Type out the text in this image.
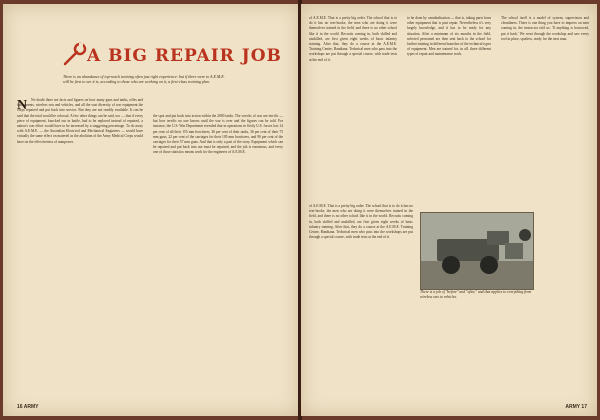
A BIG REPAIR JOB
There is an abundance of top-notch training often just right experience: but if there were to A.E.M.E. will be first to see it is, according to those who are working on it, a first-class training plan.
N	No doubt there are facts and figures on how many guns and tanks, rifles and instruments, wireless sets and vehicles, and all the vast diversity of war equipment the corps repaired and put back into service. But they are not readily available. It can be said that the total would be colossal. A few other things can be said, too — that if every piece of equipment, knocked out in battle, had to be replaced instead of repaired, a nation's war effort would have to be increased by a staggering percentage. To do away with A.E.M.E. — the Australian Electrical and Mechanical Engineers — would have virtually the same effect on materiel as the abolition of the Army Medical Corps would have on the effectiveness of manpower.
the spot and put back into action within the 2000 tanks. The wrecks of war are terrific — but how terrific no one knows until the war is over and the figures can be told. For instance, the U.S. War Department revealed that in operations in Sicily U.S. forces lost 14 per cent of all their 155 mm howitzers, 36 per cent of their tanks, 36 per cent of their 75 mm guns, 22 per cent of the carriages for their 105 mm howitzers, and 90 per cent of the carriages for their 57 mm guns. And that is only a part of the story. Equipment which can be repaired and put back into use must be repaired; and the job is enormous, and every one of those statistics means work for the engineers of A.E.M.E.
16 ARMY
of A.E.M.E. That is a pretty big order. The school that is to do it has no text-books; the men who are doing it were themselves trained in the field, and there is no other school like it in the world. Recruits coming in, both skilled and unskilled, are first given eight weeks of basic infantry training. After that, they do a course at the A.E.M.E. Training Centre, Bandiana. Technical men who pass into the workshops are put through a special course, with trade tests at the end of it.
to be done by cannibalisation — that is, taking parts from other equipment that is past repair. Nevertheless it's very largely knowledge, and it has to be ready for any situation. After a minimum of six months in the field, selected personnel are then sent back to the school for further training in different branches of the technical types of equipment. Men are trained for, in all, three different types of repair and maintenance work.
The school itself is a model of system, supervision and cleanliness. There is one thing you have to impress on men coming in, the instructor told us: 'If anything is borrowed, put it back.' We went through the workshop and saw every tool in place, spotless, ready for the next man.
of A.E.M.E. That is a pretty big order. The school that is to do it has no text-books; the men who are doing it were themselves trained in the field, and there is no other school like it in the world. Recruits coming in, both skilled and unskilled, are first given eight weeks of basic infantry training. After that, they do a course at the A.E.M.E. Training Centre, Bandiana. Technical men who pass into the workshops are put through a special course, with trade tests at the end of it.
There is a job of "before" and "after," and that applies to everything from wireless sets to vehicles.
ARMY 17
